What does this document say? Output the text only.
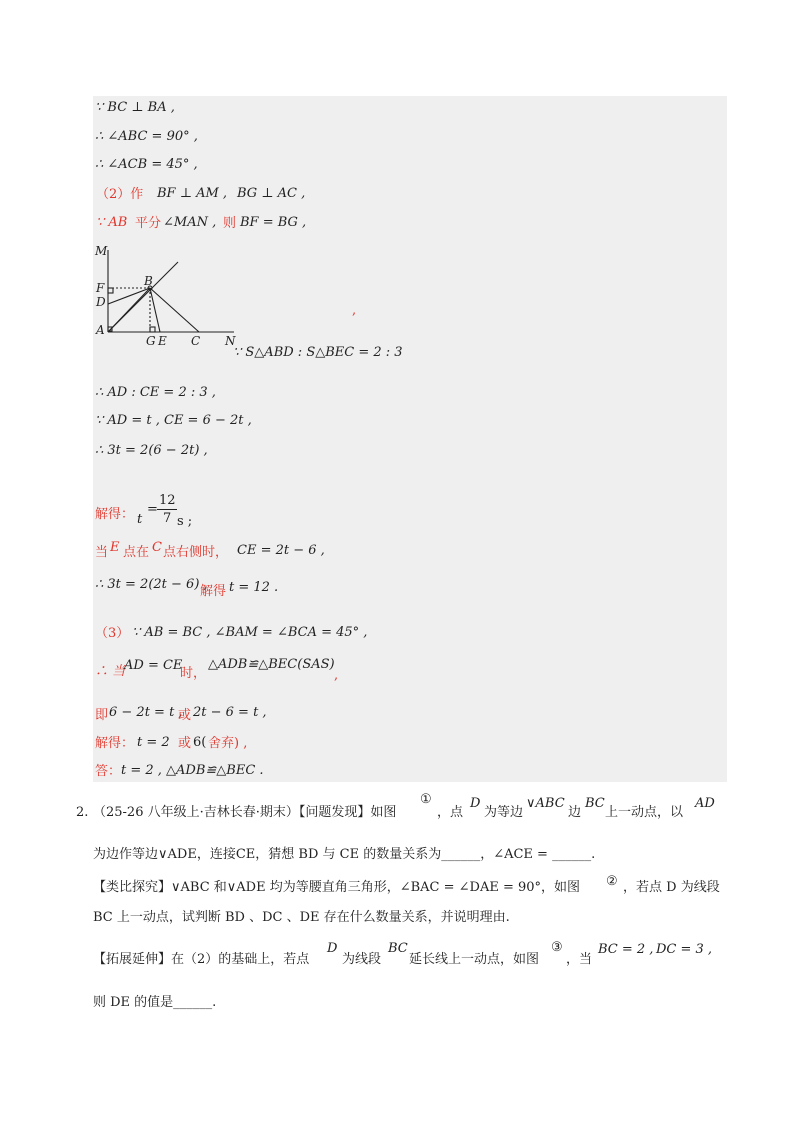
∵ BC ⊥ BA ,
∴ ∠ABC = 90° ,
∴ ∠ACB = 45° ,
（2）作 BF ⊥ AM , BG ⊥ AC ,
∵ AB 平分 ∠MAN , 则 BF = BG ,
M
B
F
D
A
G E C N
,
∵ S△ABD : S△BEC = 2 : 3
∴ AD : CE = 2 : 3 ,
∵ AD = t , CE = 6 − 2t ,
∴ 3t = 2(6 − 2t) ,
解得： t
=
12
7 s ;
当 E 点在 C 点右侧时， CE = 2t − 6 ,
∴ 3t = 2(2t − 6) ,
解得 t = 12 .
（3） ∵ AB = BC , ∠BAM = ∠BCA = 45° ,
∴ 当
AD = CE
时，
△ADB≌△BEC(SAS)
,
即 6 − 2t = t ,
或 2t − 6 = t ,
解得： t = 2 或 6( 舍弃) ,
答： t = 2 , △ADB≌△BEC .
2. （25-26 八年级上·吉林长春·期末）【问题发现】如图
①
，点
D
为等边
∨ABC
边
BC
上一动点，以
AD
为边作等边∨ADE，连接CE，猜想 BD 与 CE 的数量关系为______，∠ACE = ______.
【类比探究】∨ABC 和∨ADE 均为等腰直角三角形，∠BAC = ∠DAE = 90°，如图 ② ，若点 D 为线段
BC 上一动点，试判断 BD 、DC 、DE 存在什么数量关系，并说明理由.
【拓展延伸】在（2）的基础上，若点
D
为线段
BC
延长线上一动点，如图
③
，当
BC = 2 , DC = 3 ,
则 DE 的值是______.
